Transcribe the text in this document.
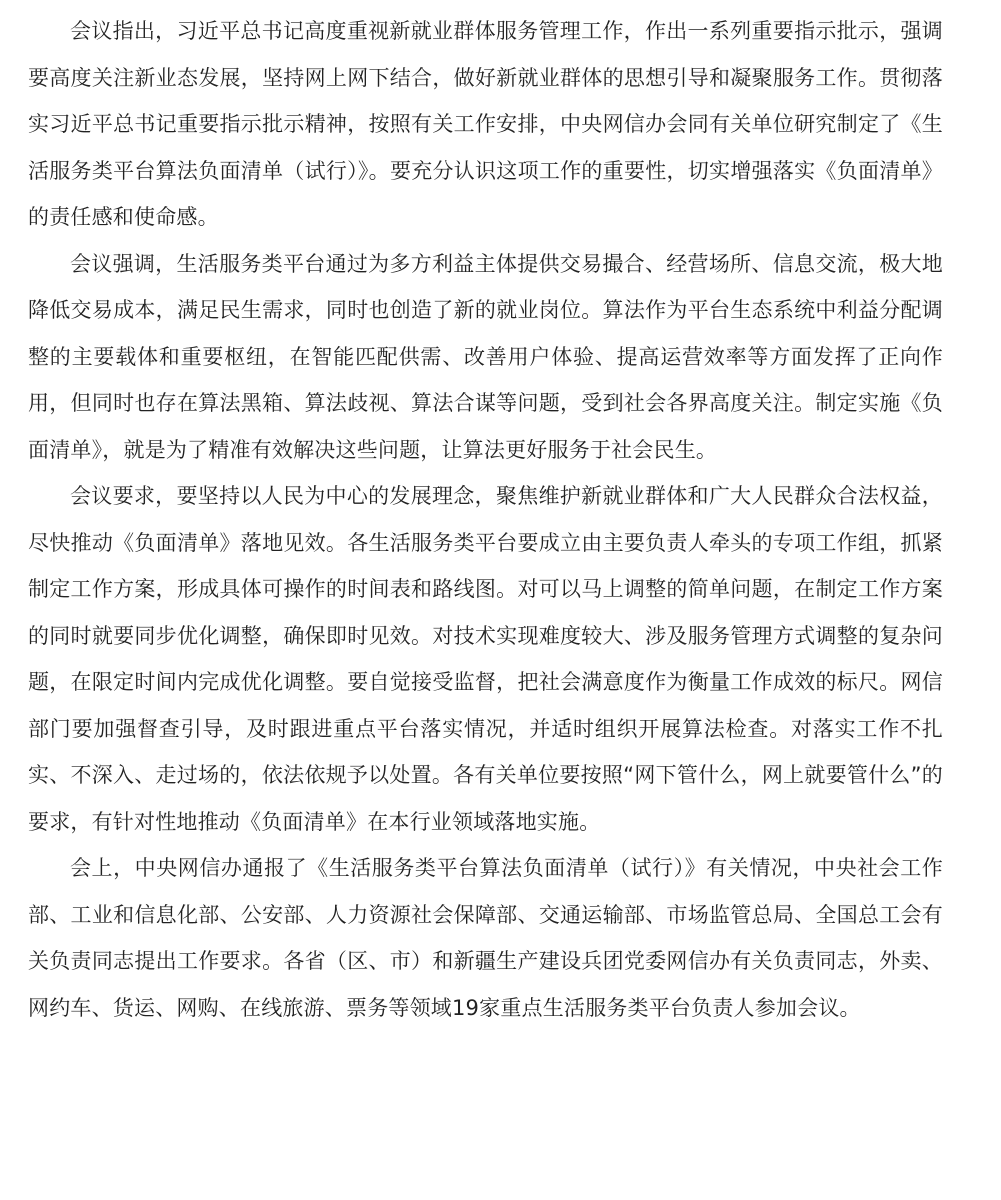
会议指出，习近平总书记高度重视新就业群体服务管理工作，作出一系列重要指示批示，强调要高度关注新业态发展，坚持网上网下结合，做好新就业群体的思想引导和凝聚服务工作。贯彻落实习近平总书记重要指示批示精神，按照有关工作安排，中央网信办会同有关单位研究制定了《生活服务类平台算法负面清单（试行）》。要充分认识这项工作的重要性，切实增强落实《负面清单》的责任感和使命感。

会议强调，生活服务类平台通过为多方利益主体提供交易撮合、经营场所、信息交流，极大地降低交易成本，满足民生需求，同时也创造了新的就业岗位。算法作为平台生态系统中利益分配调整的主要载体和重要枢纽，在智能匹配供需、改善用户体验、提高运营效率等方面发挥了正向作用，但同时也存在算法黑箱、算法歧视、算法合谋等问题，受到社会各界高度关注。制定实施《负面清单》，就是为了精准有效解决这些问题，让算法更好服务于社会民生。

会议要求，要坚持以人民为中心的发展理念，聚焦维护新就业群体和广大人民群众合法权益，尽快推动《负面清单》落地见效。各生活服务类平台要成立由主要负责人牵头的专项工作组，抓紧制定工作方案，形成具体可操作的时间表和路线图。对可以马上调整的简单问题，在制定工作方案的同时就要同步优化调整，确保即时见效。对技术实现难度较大、涉及服务管理方式调整的复杂问题，在限定时间内完成优化调整。要自觉接受监督，把社会满意度作为衡量工作成效的标尺。网信部门要加强督查引导，及时跟进重点平台落实情况，并适时组织开展算法检查。对落实工作不扎实、不深入、走过场的，依法依规予以处置。各有关单位要按照“网下管什么，网上就要管什么”的要求，有针对性地推动《负面清单》在本行业领域落地实施。

会上，中央网信办通报了《生活服务类平台算法负面清单（试行）》有关情况，中央社会工作部、工业和信息化部、公安部、人力资源社会保障部、交通运输部、市场监管总局、全国总工会有关负责同志提出工作要求。各省（区、市）和新疆生产建设兵团党委网信办有关负责同志，外卖、网约车、货运、网购、在线旅游、票务等领域19家重点生活服务类平台负责人参加会议。
